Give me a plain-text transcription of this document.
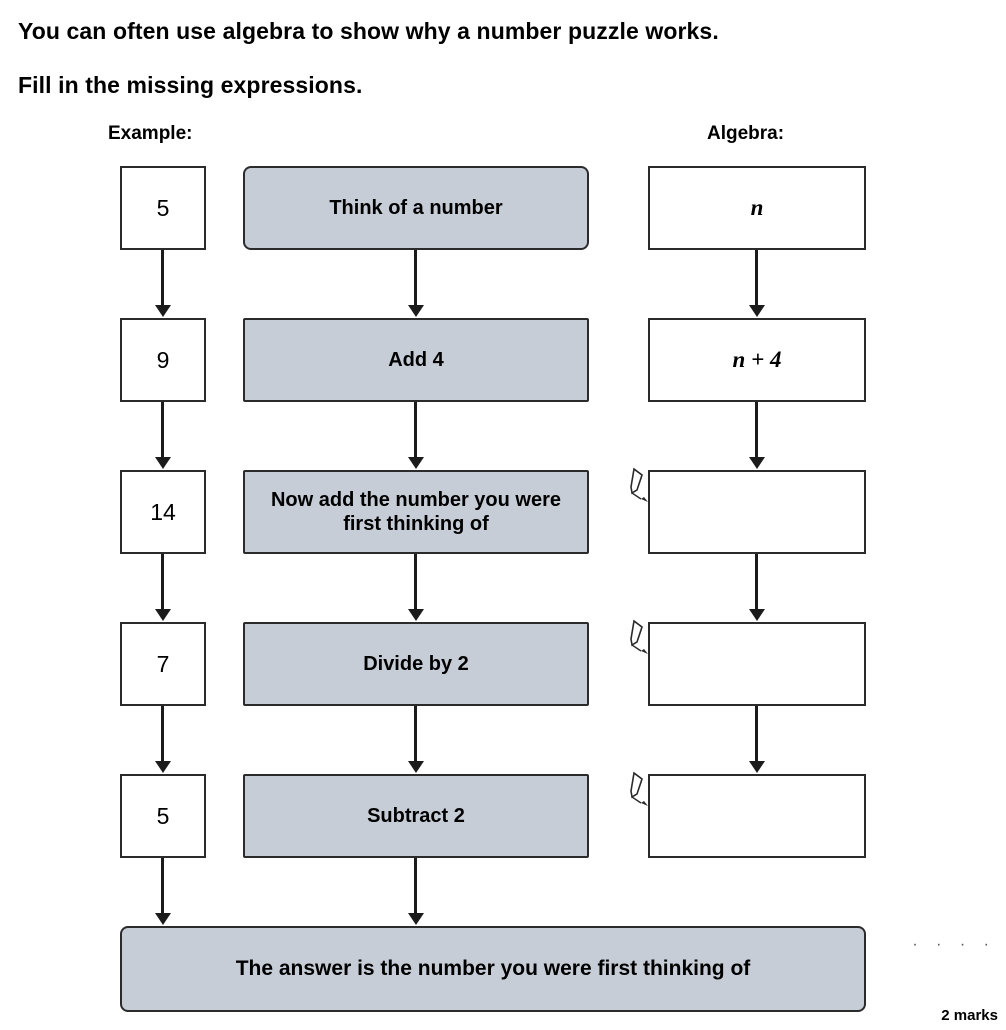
You can often use algebra to show why a number puzzle works.
Fill in the missing expressions.
Example:	Algebra:
5	Think of a number	n
9	Add 4	n + 4
14	Now add the number you were first thinking of
7	Divide by 2
5	Subtract 2
The answer is the number you were first thinking of
· · · ·
2 marks
